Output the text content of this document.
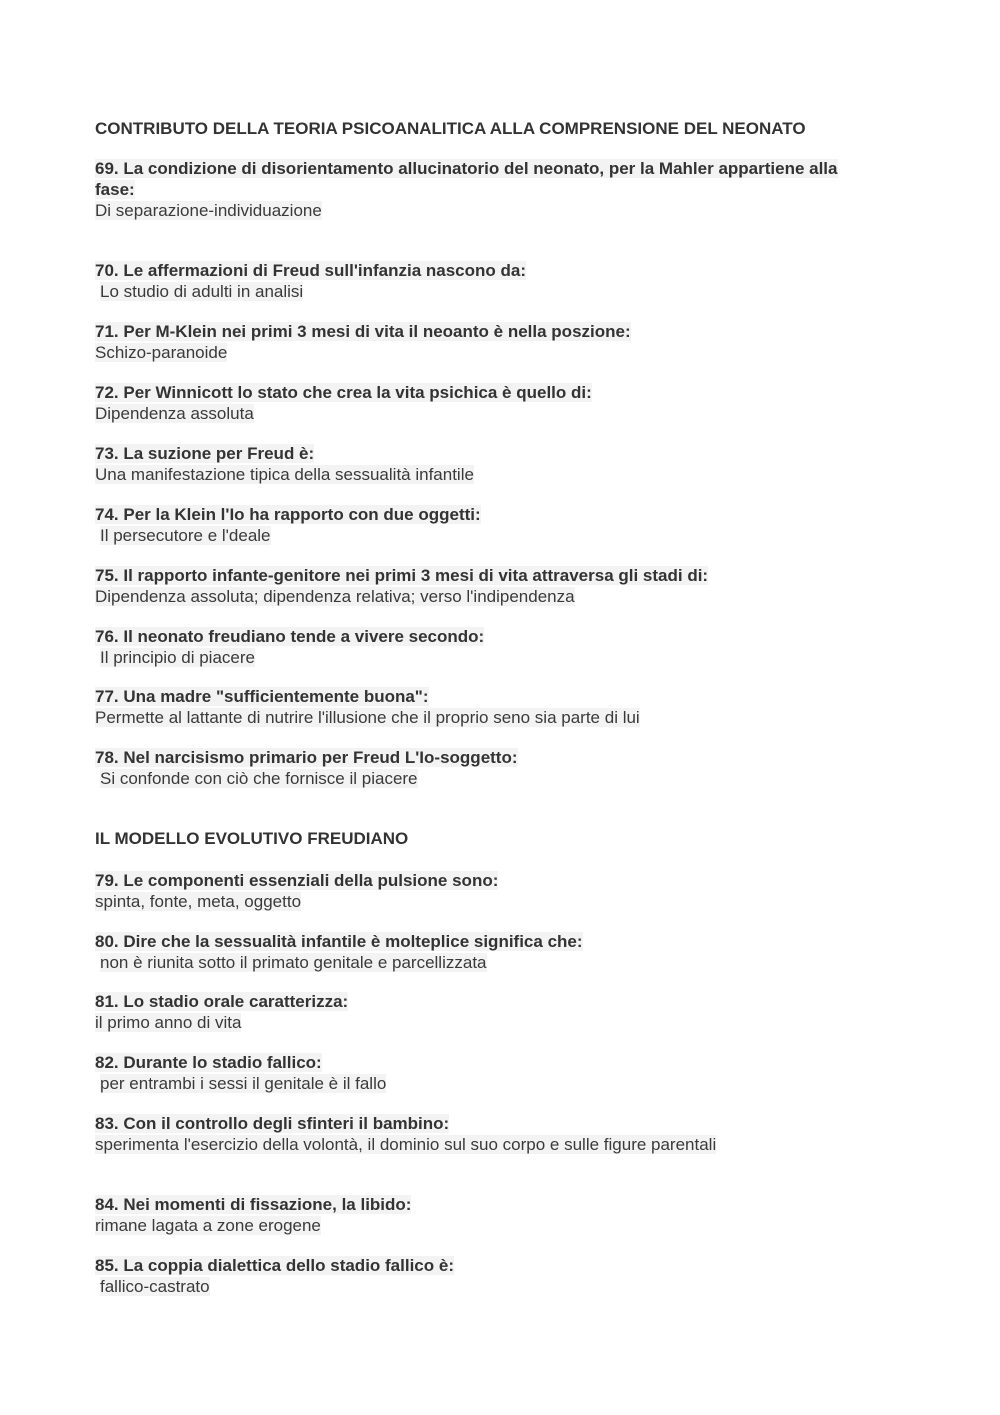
CONTRIBUTO DELLA TEORIA PSICOANALITICA ALLA COMPRENSIONE DEL NEONATO

69. La condizione di disorientamento allucinatorio del neonato, per la Mahler appartiene alla

fase:

Di separazione-individuazione

70. Le affermazioni di Freud sull'infanzia nascono da:

Lo studio di adulti in analisi

71. Per M-Klein nei primi 3 mesi di vita il neoanto è nella poszione:

Schizo-paranoide

72. Per Winnicott lo stato che crea la vita psichica è quello di:

Dipendenza assoluta

73. La suzione per Freud è:

Una manifestazione tipica della sessualità infantile

74. Per la Klein l'Io ha rapporto con due oggetti:

Il persecutore e l'deale

75. Il rapporto infante-genitore nei primi 3 mesi di vita attraversa gli stadi di:

Dipendenza assoluta; dipendenza relativa; verso l'indipendenza

76. Il neonato freudiano tende a vivere secondo:

Il principio di piacere

77. Una madre "sufficientemente buona":

Permette al lattante di nutrire l'illusione che il proprio seno sia parte di lui

78. Nel narcisismo primario per Freud L'Io-soggetto:

Si confonde con ciò che fornisce il piacere

IL MODELLO EVOLUTIVO FREUDIANO

79. Le componenti essenziali della pulsione sono:

spinta, fonte, meta, oggetto

80. Dire che la sessualità infantile è molteplice significa che:

non è riunita sotto il primato genitale e parcellizzata

81. Lo stadio orale caratterizza:

il primo anno di vita

82. Durante lo stadio fallico:

per entrambi i sessi il genitale è il fallo

83. Con il controllo degli sfinteri il bambino:

sperimenta l'esercizio della volontà, il dominio sul suo corpo e sulle figure parentali

84. Nei momenti di fissazione, la libido:

rimane lagata a zone erogene

85. La coppia dialettica dello stadio fallico è:

fallico-castrato
